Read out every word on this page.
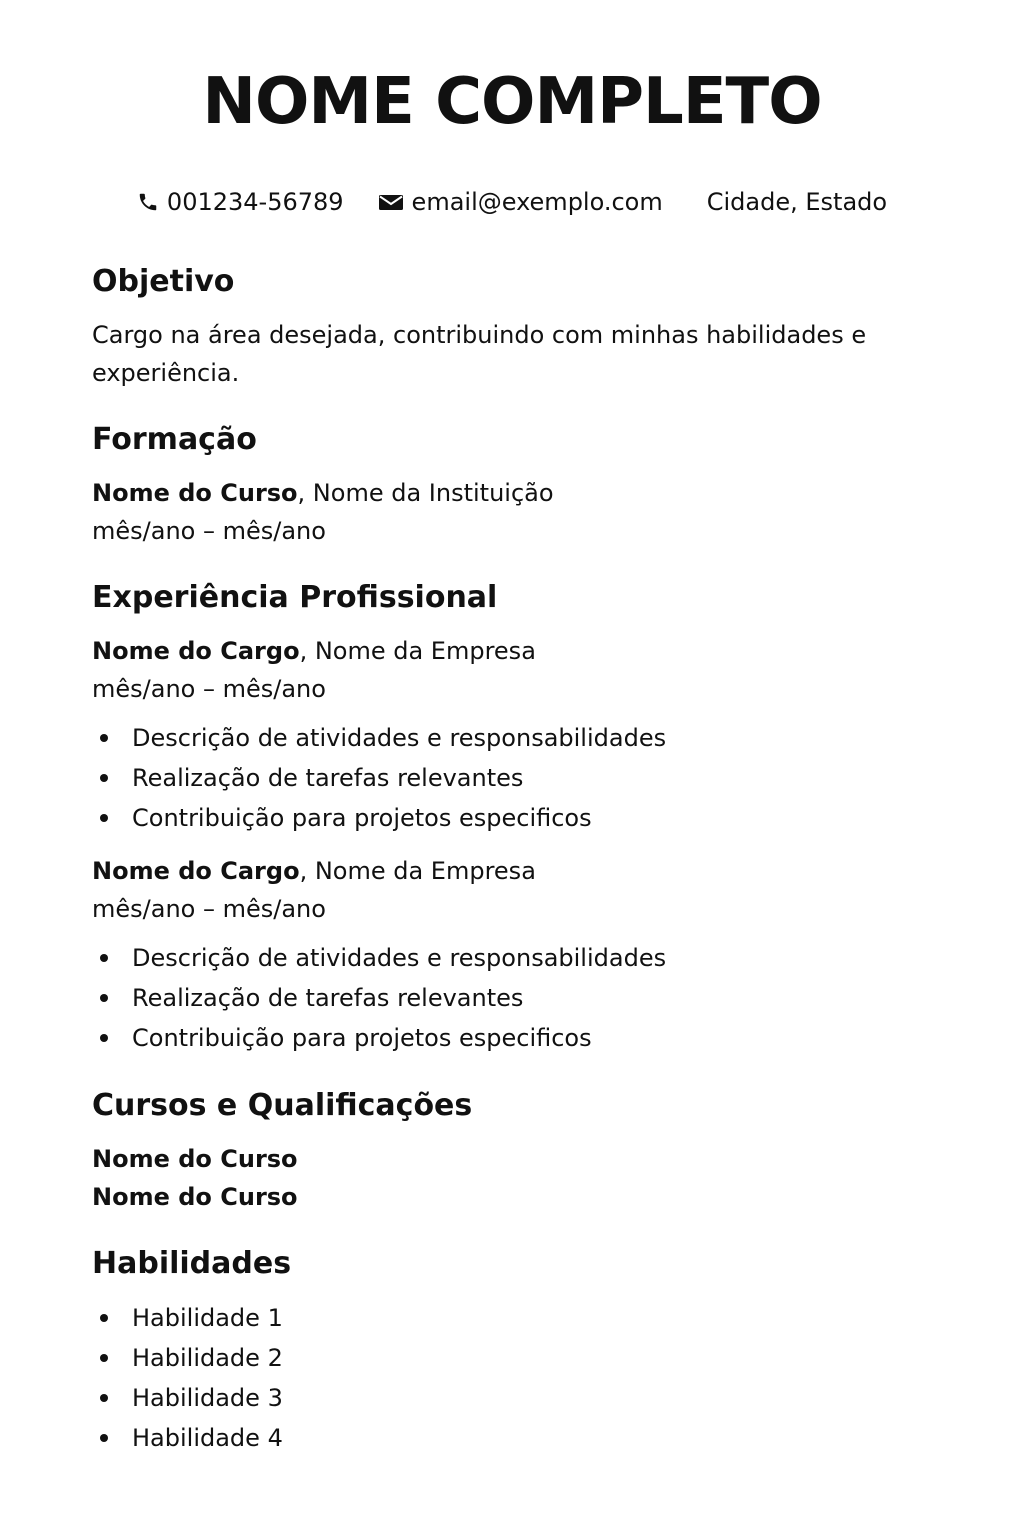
NOME COMPLETO
001234-56789	email@exemplo.com Cidade, Estado
Objetivo

Cargo na área desejada, contribuindo com minhas habilidades e experiência.

Formação
Nome do Curso, Nome da Instituição
mês/ano – mês/ano
Experiência Profissional
Nome do Cargo, Nome da Empresa
mês/ano – mês/ano
Descrição de atividades e responsabilidades
Realização de tarefas relevantes
Contribuição para projetos especificos
Nome do Cargo, Nome da Empresa
mês/ano – mês/ano
Descrição de atividades e responsabilidades
Realização de tarefas relevantes
Contribuição para projetos especificos
Cursos e Qualificações
Nome do Curso
Nome do Curso
Habilidades
Habilidade 1
Habilidade 2
Habilidade 3
Habilidade 4
